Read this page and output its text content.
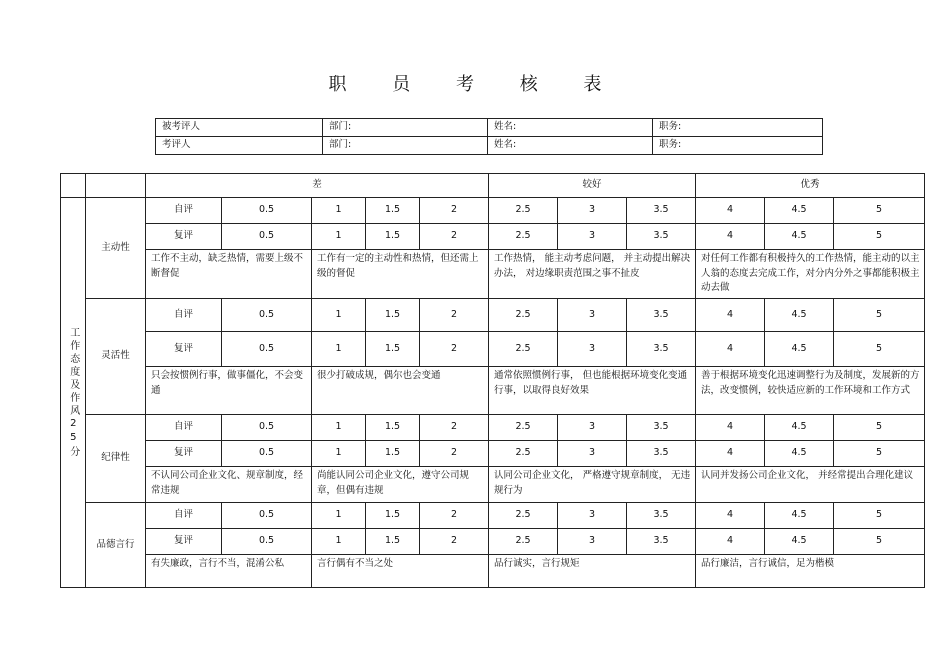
职 员 考 核 表
被考评人	部门:	姓名:	职务:
考评人	部门:	姓名:	职务:
		差					较好			优秀		
工作态度及作风25分	主动性	自评	0.5	1	1.5	2	2.5	3	3.5	4	4.5	5
		复评	0.5	1	1.5	2	2.5	3	3.5	4	4.5	5
		工作不主动，缺乏热情，需要上级不断督促		工作有一定的主动性和热情，但还需上级的督促			工作热情， 能主动考虑问题， 并主动提出解决办法， 对边缘职责范围之事不扯皮			对任何工作都有积极持久的工作热情，能主动的以主人翁的态度去完成工作，对分内分外之事都能积极主动去做		
	灵活性	自评	0.5	1	1.5	2	2.5	3	3.5	4	4.5	5
		复评	0.5	1	1.5	2	2.5	3	3.5	4	4.5	5
		只会按惯例行事，做事僵化，不会变通		很少打破成规，偶尔也会变通			通常依照惯例行事， 但也能根据环境变化变通行事，以取得良好效果			善于根据环境变化迅速调整行为及制度，发展新的方法，改变惯例，较快适应新的工作环境和工作方式		
	纪律性	自评	0.5	1	1.5	2	2.5	3	3.5	4	4.5	5
		复评	0.5	1	1.5	2	2.5	3	3.5	4	4.5	5
		不认同公司企业文化、规章制度，经常违规		尚能认同公司企业文化，遵守公司规章，但偶有违规			认同公司企业文化， 严格遵守规章制度， 无违规行为			认同并发扬公司企业文化， 并经常提出合理化建议		
	品德言行	自评	0.5	1	1.5	2	2.5	3	3.5	4	4.5	5
		复评	0.5	1	1.5	2	2.5	3	3.5	4	4.5	5
		有失廉政，言行不当，混淆公私		言行偶有不当之处			品行诚实，言行规矩			品行廉洁，言行诚信，足为楷模		
